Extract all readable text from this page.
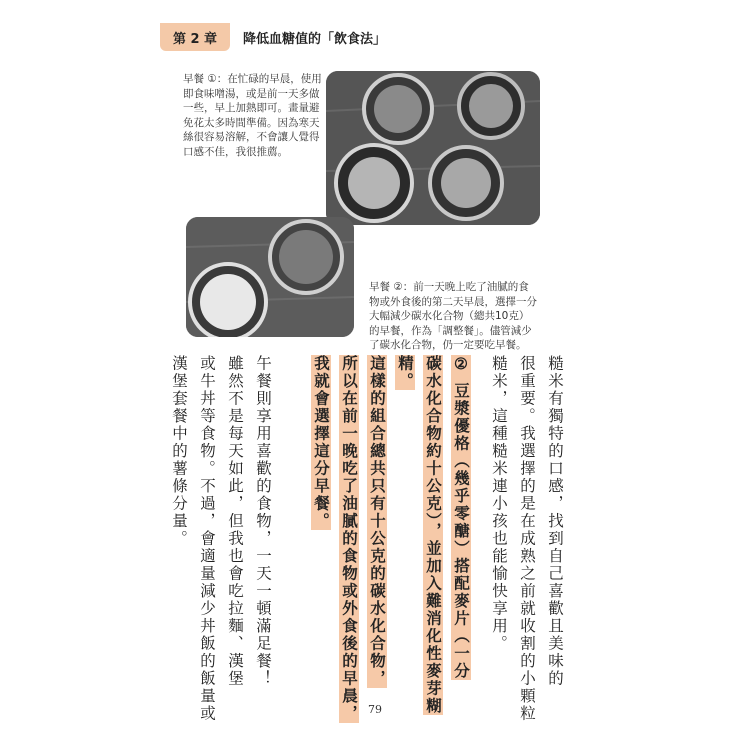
第 2 章	降低血糖值的「飲食法」
早餐 ①：在忙碌的早晨，使用即食味噌湯，或是前一天多做一些，早上加熱即可。畫量避免花太多時間準備。因為寒天絲很容易溶解，不會讓人覺得口感不佳，我很推薦。
早餐 ②：前一天晚上吃了油膩的食物或外食後的第二天早晨，選擇一分大幅減少碳水化合物（總共10克）的早餐，作為「調整餐」。儘管減少了碳水化合物，仍一定要吃早餐。
糙米有獨特的口感，找到自己喜歡且美味的
很重要。我選擇的是在成熟之前就收割的小顆粒
糙米，這種糙米連小孩也能愉快享用。
② 豆漿優格（幾乎零醣）搭配麥片（一分
碳水化合物約十公克），並加入難消化性麥芽糊
精。
這樣的組合總共只有十公克的碳水化合物，
所以在前一晚吃了油膩的食物或外食後的早晨，
我就會選擇這分早餐。
午餐則享用喜歡的食物，一天一頓滿足餐！
雖然不是每天如此，但我也會吃拉麵、漢堡
或牛丼等食物。不過，會適量減少丼飯的飯量或
漢堡套餐中的薯條分量。
79
